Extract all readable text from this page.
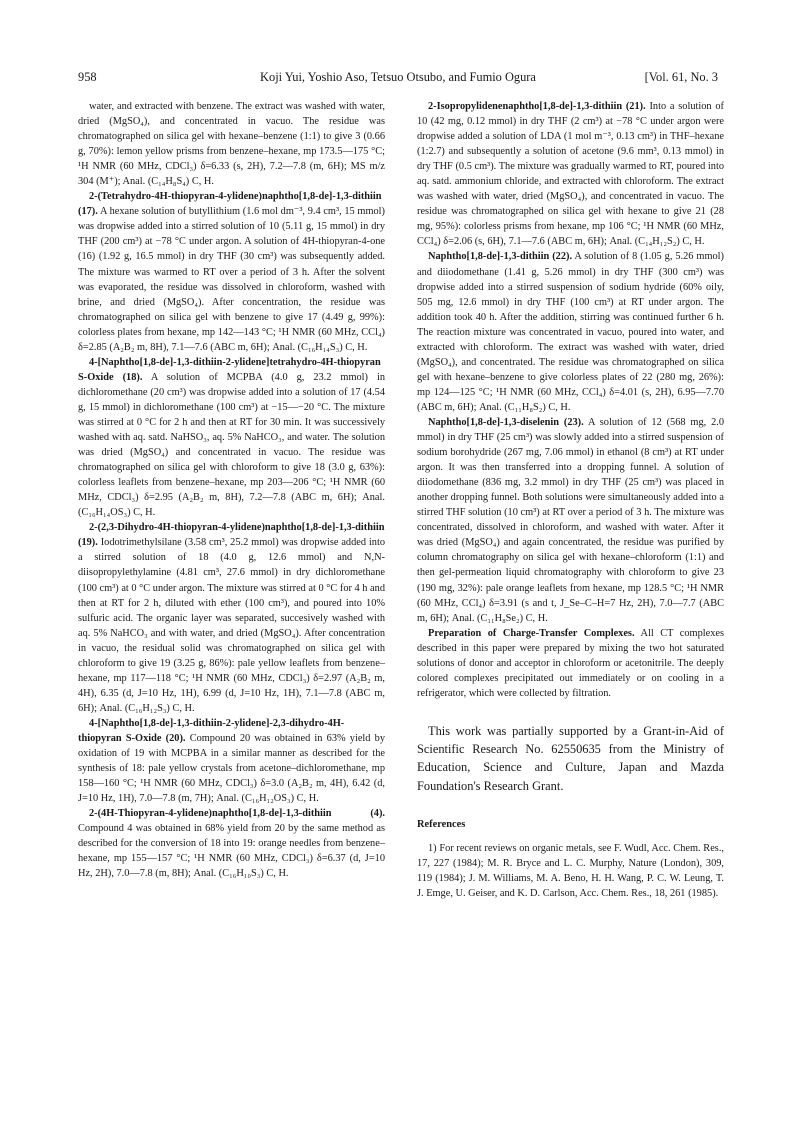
958	Koji Yui, Yoshio Aso, Tetsuo Otsubo, and Fumio Ogura	[Vol. 61, No. 3

water, and extracted with benzene. The extract was washed with water, dried (MgSO₄), and concentrated in vacuo. The residue was chromatographed on silica gel with hexane–benzene (1:1) to give 3 (0.66 g, 70%): lemon yellow prisms from benzene–hexane, mp 173.5—175 °C; ¹H NMR (60 MHz, CDCl₃) δ=6.33 (s, 2H), 7.2—7.8 (m, 6H); MS m/z 304 (M⁺); Anal. (C₁₄H₈S₄) C, H.

2-(Tetrahydro-4H-thiopyran-4-ylidene)naphtho[1,8-de]-1,3-dithiin (17). A hexane solution of butyllithium (1.6 mol dm⁻³, 9.4 cm³, 15 mmol) was dropwise added into a stirred solution of 10 (5.11 g, 15 mmol) in dry THF (200 cm³) at −78 °C under argon. A solution of 4H-thiopyran-4-one (16) (1.92 g, 16.5 mmol) in dry THF (30 cm³) was subsequently added. The mixture was warmed to RT over a period of 3 h. After the solvent was evaporated, the residue was dissolved in chloroform, washed with brine, and dried (MgSO₄). After concentration, the residue was chromatographed on silica gel with benzene to give 17 (4.49 g, 99%): colorless plates from hexane, mp 142—143 °C; ¹H NMR (60 MHz, CCl₄) δ=2.85 (A₂B₂ m, 8H), 7.1—7.6 (ABC m, 6H); Anal. (C₁₆H₁₄S₃) C, H.

4-[Naphtho[1,8-de]-1,3-dithiin-2-ylidene]tetrahydro-4H-thiopyran S-Oxide (18). A solution of MCPBA (4.0 g, 23.2 mmol) in dichloromethane (20 cm³) was dropwise added into a solution of 17 (4.54 g, 15 mmol) in dichloromethane (100 cm³) at −15—−20 °C. The mixture was stirred at 0 °C for 2 h and then at RT for 30 min. It was successively washed with aq. satd. NaHSO₃, aq. 5% NaHCO₃, and water. The solution was dried (MgSO₄) and concentrated in vacuo. The residue was chromatographed on silica gel with chloroform to give 18 (3.0 g, 63%): colorless leaflets from benzene–hexane, mp 203—206 °C; ¹H NMR (60 MHz, CDCl₃) δ=2.95 (A₂B₂ m, 8H), 7.2—7.8 (ABC m, 6H); Anal. (C₁₆H₁₄OS₃) C, H.

2-(2,3-Dihydro-4H-thiopyran-4-ylidene)naphtho[1,8-de]-1,3-dithiin (19). Iodotrimethylsilane (3.58 cm³, 25.2 mmol) was dropwise added into a stirred solution of 18 (4.0 g, 12.6 mmol) and N,N-diisopropylethylamine (4.81 cm³, 27.6 mmol) in dry dichloromethane (100 cm³) at 0 °C under argon. The mixture was stirred at 0 °C for 4 h and then at RT for 2 h, diluted with ether (100 cm³), and poured into 10% sulfuric acid. The organic layer was separated, succesively washed with aq. 5% NaHCO₃ and with water, and dried (MgSO₄). After concentration in vacuo, the residual solid was chromatographed on silica gel with chloroform to give 19 (3.25 g, 86%): pale yellow leaflets from benzene–hexane, mp 117—118 °C; ¹H NMR (60 MHz, CDCl₃) δ=2.97 (A₂B₂ m, 4H), 6.35 (d, J=10 Hz, 1H), 6.99 (d, J=10 Hz, 1H), 7.1—7.8 (ABC m, 6H); Anal. (C₁₆H₁₂S₃) C, H.

4-[Naphtho[1,8-de]-1,3-dithiin-2-ylidene]-2,3-dihydro-4H-thiopyran S-Oxide (20). Compound 20 was obtained in 63% yield by oxidation of 19 with MCPBA in a similar manner as described for the synthesis of 18: pale yellow crystals from acetone–dichloromethane, mp 158—160 °C; ¹H NMR (60 MHz, CDCl₃) δ=3.0 (A₂B₂ m, 4H), 6.42 (d, J=10 Hz, 1H), 7.0—7.8 (m, 7H); Anal. (C₁₆H₁₂OS₃) C, H.

2-(4H-Thiopyran-4-ylidene)naphtho[1,8-de]-1,3-dithiin (4). Compound 4 was obtained in 68% yield from 20 by the same method as described for the conversion of 18 into 19: orange needles from benzene–hexane, mp 155—157 °C; ¹H NMR (60 MHz, CDCl₃) δ=6.37 (d, J=10 Hz, 2H), 7.0—7.8 (m, 8H); Anal. (C₁₆H₁₀S₃) C, H.

2-Isopropylidenenaphtho[1,8-de]-1,3-dithiin (21). Into a solution of 10 (42 mg, 0.12 mmol) in dry THF (2 cm³) at −78 °C under argon were dropwise added a solution of LDA (1 mol m⁻³, 0.13 cm³) in THF–hexane (1:2.7) and subsequently a solution of acetone (9.6 mm³, 0.13 mmol) in dry THF (0.5 cm³). The mixture was gradually warmed to RT, poured into aq. satd. ammonium chloride, and extracted with chloroform. The extract was washed with water, dried (MgSO₄), and concentrated in vacuo. The residue was chromatographed on silica gel with hexane to give 21 (28 mg, 95%): colorless prisms from hexane, mp 106 °C; ¹H NMR (60 MHz, CCl₄) δ=2.06 (s, 6H), 7.1—7.6 (ABC m, 6H); Anal. (C₁₄H₁₂S₂) C, H.

Naphtho[1,8-de]-1,3-dithiin (22). A solution of 8 (1.05 g, 5.26 mmol) and diiodomethane (1.41 g, 5.26 mmol) in dry THF (300 cm³) was dropwise added into a stirred suspension of sodium hydride (60% oily, 505 mg, 12.6 mmol) in dry THF (100 cm³) at RT under argon. The addition took 40 h. After the addition, stirring was continued further 6 h. The reaction mixture was concentrated in vacuo, poured into water, and extracted with chloroform. The extract was washed with water, dried (MgSO₄), and concentrated. The residue was chromatographed on silica gel with hexane–benzene to give colorless plates of 22 (280 mg, 26%): mp 124—125 °C; ¹H NMR (60 MHz, CCl₄) δ=4.01 (s, 2H), 6.95—7.70 (ABC m, 6H); Anal. (C₁₁H₈S₂) C, H.

Naphtho[1,8-de]-1,3-diselenin (23). A solution of 12 (568 mg, 2.0 mmol) in dry THF (25 cm³) was slowly added into a stirred suspension of sodium borohydride (267 mg, 7.06 mmol) in ethanol (8 cm³) at RT under argon. It was then transferred into a dropping funnel. A solution of diiodomethane (836 mg, 3.2 mmol) in dry THF (25 cm³) was placed in another dropping funnel. Both solutions were simultaneously added into a stirred THF solution (10 cm³) at RT over a period of 3 h. The mixture was concentrated, dissolved in chloroform, and washed with water. After it was dried (MgSO₄) and again concentrated, the residue was purified by column chromatography on silica gel with hexane–chloroform (1:1) and then gel-permeation liquid chromatography with chloroform to give 23 (190 mg, 32%): pale orange leaflets from hexane, mp 128.5 °C; ¹H NMR (60 MHz, CCl₄) δ=3.91 (s and t, J_Se–C–H=7 Hz, 2H), 7.0—7.7 (ABC m, 6H); Anal. (C₁₁H₈Se₂) C, H.

Preparation of Charge-Transfer Complexes. All CT complexes described in this paper were prepared by mixing the two hot saturated solutions of donor and acceptor in chloroform or acetonitrile. The deeply colored complexes precipitated out immediately or on cooling in a refrigerator, which were collected by filtration.

This work was partially supported by a Grant-in-Aid of Scientific Research No. 62550635 from the Ministry of Education, Science and Culture, Japan and Mazda Foundation's Research Grant.

References

1) For recent reviews on organic metals, see F. Wudl, Acc. Chem. Res., 17, 227 (1984); M. R. Bryce and L. C. Murphy, Nature (London), 309, 119 (1984); J. M. Williams, M. A. Beno, H. H. Wang, P. C. W. Leung, T. J. Emge, U. Geiser, and K. D. Carlson, Acc. Chem. Res., 18, 261 (1985).
